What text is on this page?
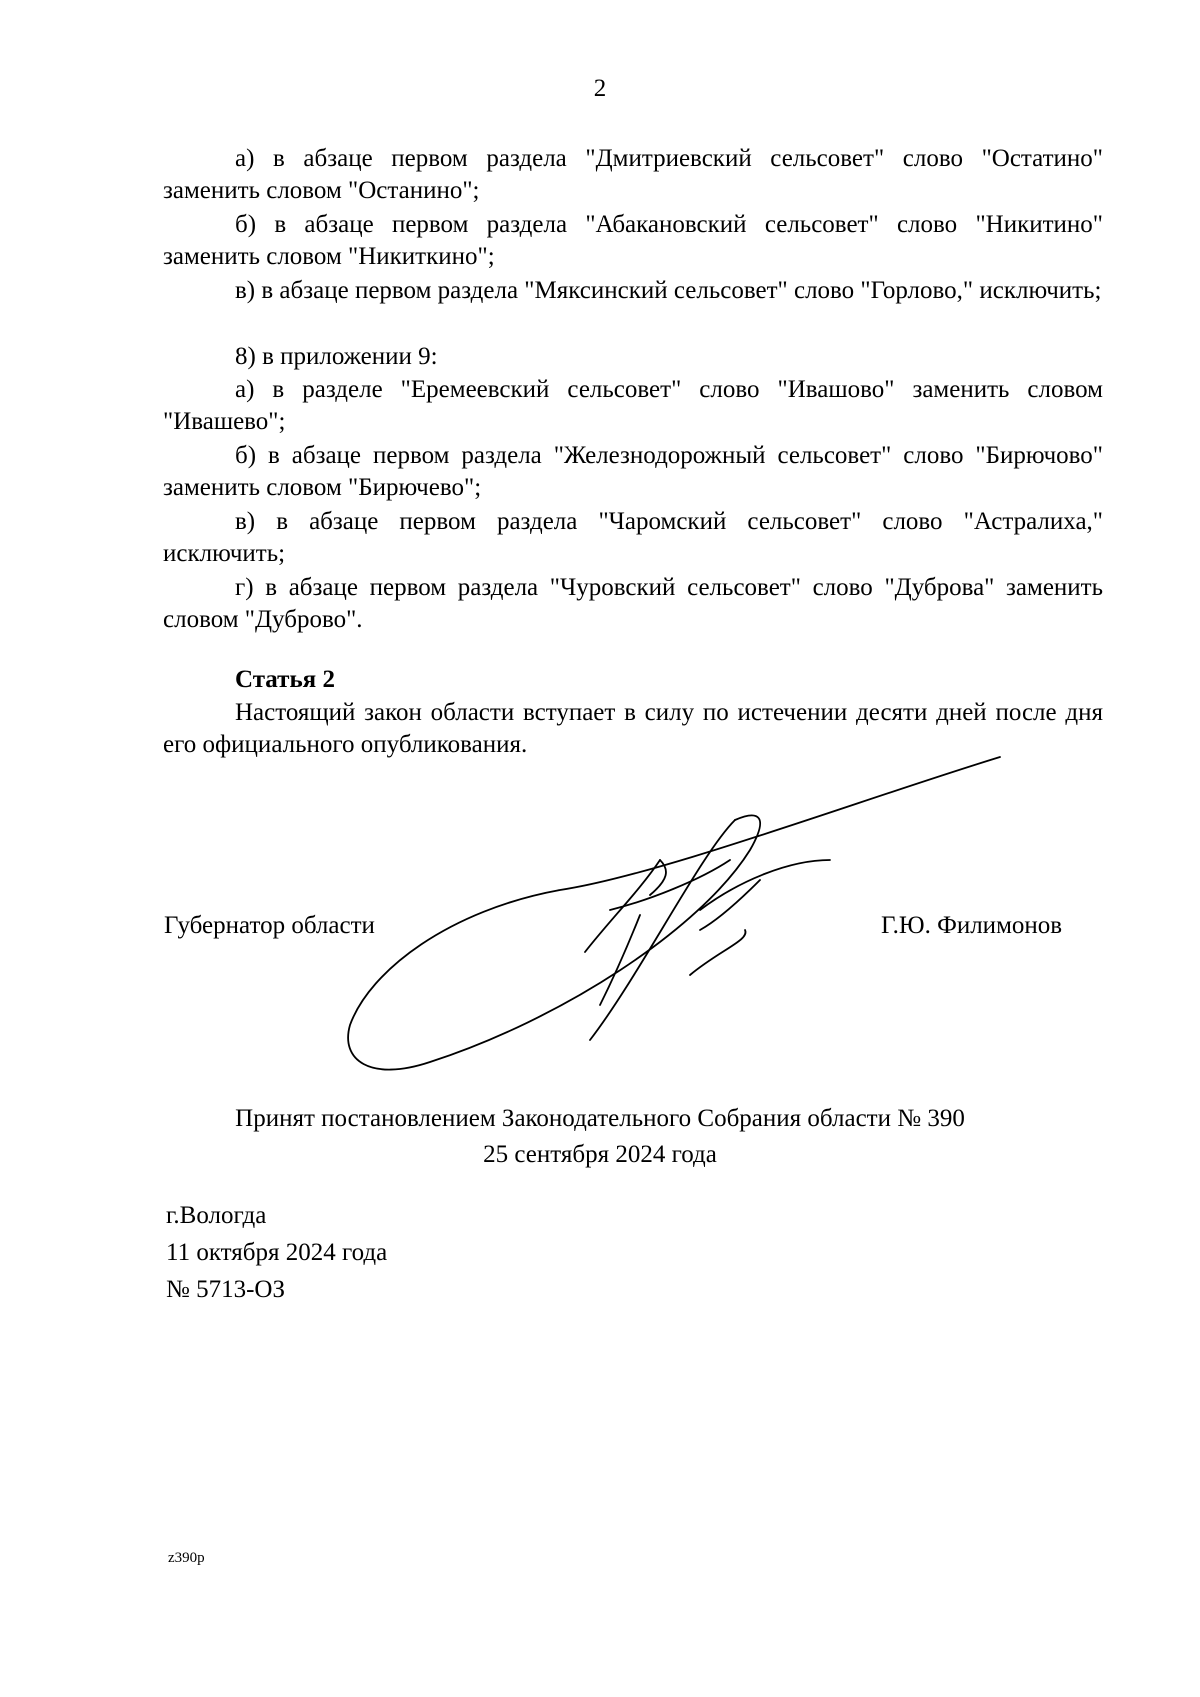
2
а) в абзаце первом раздела "Дмитриевский сельсовет" слово "Остатино" заменить словом "Останино";
б) в абзаце первом раздела "Абакановский сельсовет" слово "Никитино" заменить словом "Никиткино";
в) в абзаце первом раздела "Мяксинский сельсовет" слово "Горлово," исключить;
8) в приложении 9:
а) в разделе "Еремеевский сельсовет" слово "Ивашово" заменить словом "Ивашево";
б) в абзаце первом раздела "Железнодорожный сельсовет" слово "Бирючово" заменить словом "Бирючево";
в) в абзаце первом раздела "Чаромский сельсовет" слово "Астралиха," исключить;
г) в абзаце первом раздела "Чуровский сельсовет" слово "Дуброва" заменить словом "Дуброво".
Статья 2
Настоящий закон области вступает в силу по истечении десяти дней после дня его официального опубликования.
Губернатор области	Г.Ю. Филимонов
Принят постановлением Законодательного Собрания области № 390
25 сентября 2024 года
г.Вологда
11 октября 2024 года
№ 5713-ОЗ
z390p
